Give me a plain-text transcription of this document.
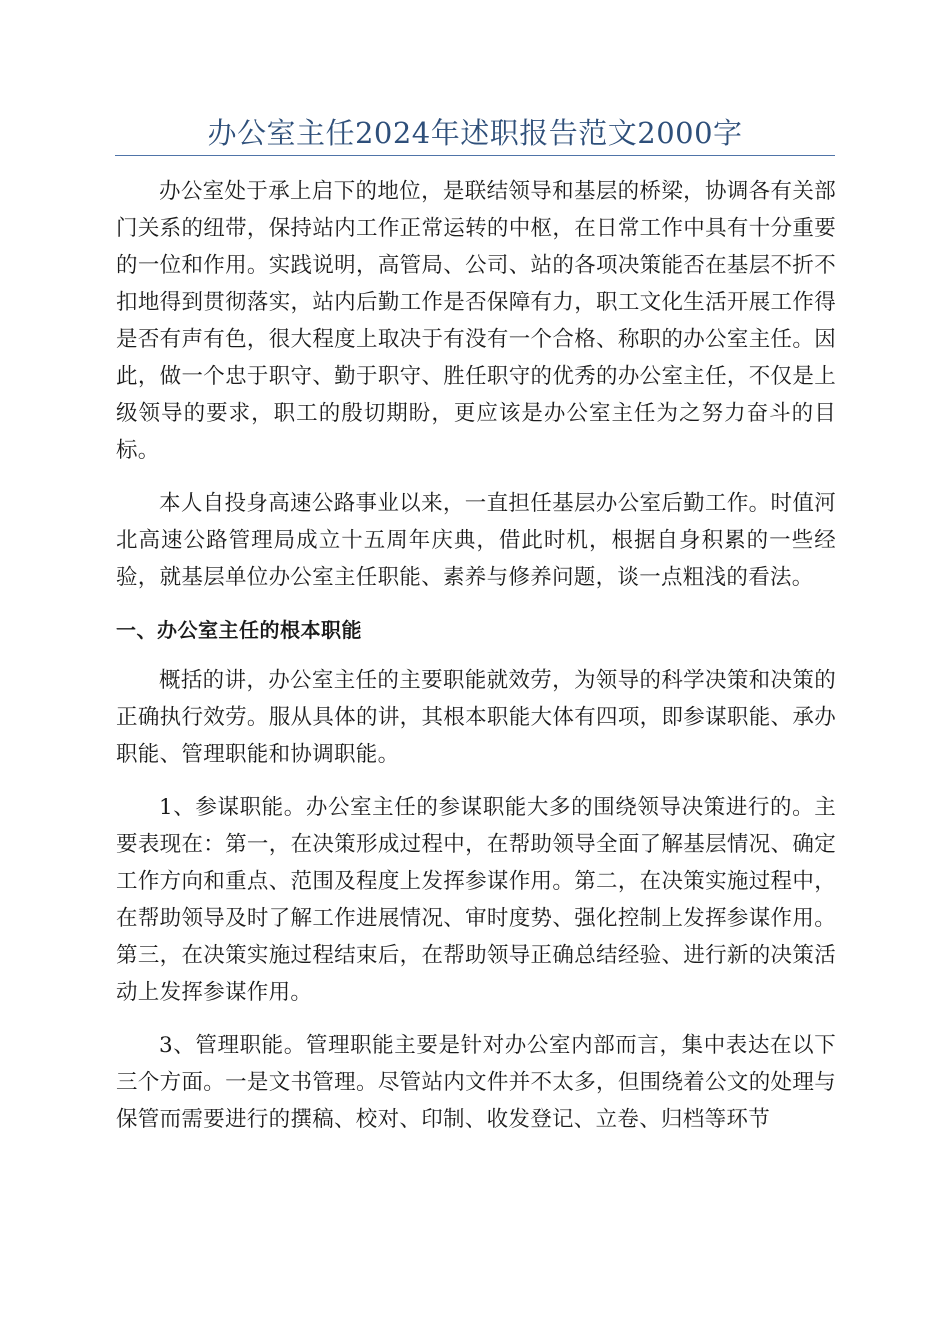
办公室主任2024年述职报告范文2000字

办公室处于承上启下的地位，是联结领导和基层的桥梁，协调各有关部门关系的纽带，保持站内工作正常运转的中枢，在日常工作中具有十分重要的一位和作用。实践说明，高管局、公司、站的各项决策能否在基层不折不扣地得到贯彻落实，站内后勤工作是否保障有力，职工文化生活开展工作得是否有声有色，很大程度上取决于有没有一个合格、称职的办公室主任。因此，做一个忠于职守、勤于职守、胜任职守的优秀的办公室主任，不仅是上级领导的要求，职工的殷切期盼，更应该是办公室主任为之努力奋斗的目标。

本人自投身高速公路事业以来，一直担任基层办公室后勤工作。时值河北高速公路管理局成立十五周年庆典，借此时机，根据自身积累的一些经验，就基层单位办公室主任职能、素养与修养问题，谈一点粗浅的看法。

一、办公室主任的根本职能

概括的讲，办公室主任的主要职能就效劳，为领导的科学决策和决策的正确执行效劳。服从具体的讲，其根本职能大体有四项，即参谋职能、承办职能、管理职能和协调职能。

1、参谋职能。办公室主任的参谋职能大多的围绕领导决策进行的。主要表现在：第一，在决策形成过程中，在帮助领导全面了解基层情况、确定工作方向和重点、范围及程度上发挥参谋作用。第二，在决策实施过程中，在帮助领导及时了解工作进展情况、审时度势、强化控制上发挥参谋作用。第三，在决策实施过程结束后，在帮助领导正确总结经验、进行新的决策活动上发挥参谋作用。

3、管理职能。管理职能主要是针对办公室内部而言，集中表达在以下三个方面。一是文书管理。尽管站内文件并不太多，但围绕着公文的处理与保管而需要进行的撰稿、校对、印制、收发登记、立卷、归档等环节
